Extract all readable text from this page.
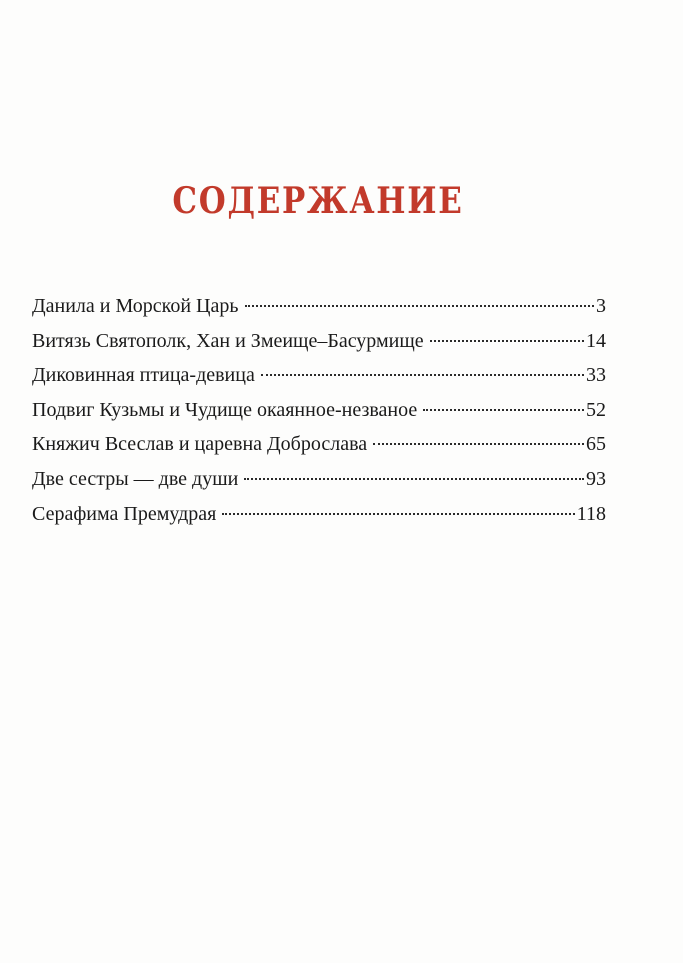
СОДЕРЖАНИЕ
Данила и Морской Царь	3
Витязь Святополк, Хан и Змеище–Басурмище	14
Диковинная птица-девица	33
Подвиг Кузьмы и Чудище окаянное-незваное	52
Княжич Всеслав и царевна Доброслава	65
Две сестры — две души	93
Серафима Премудрая	118
